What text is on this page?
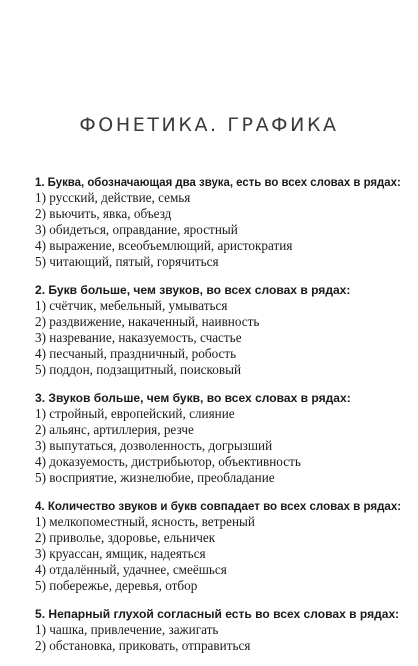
ФОНЕТИКА. ГРАФИКА
1. Буква, обозначающая два звука, есть во всех словах в рядах:
1) русский, действие, семья
2) вьючить, явка, объезд
3) обидеться, оправдание, яростный
4) выражение, всеобъемлющий, аристократия
5) читающий, пятый, горячиться
2. Букв больше, чем звуков, во всех словах в рядах:
1) счётчик, мебельный, умываться
2) раздвижение, накаченный, наивность
3) назревание, наказуемость, счастье
4) песчаный, праздничный, робость
5) поддон, подзащитный, поисковый
3. Звуков больше, чем букв, во всех словах в рядах:
1) стройный, европейский, слияние
2) альянс, артиллерия, резче
3) выпутаться, дозволенность, догрызший
4) доказуемость, дистрибьютор, объективность
5) восприятие, жизнелюбие, преобладание
4. Количество звуков и букв совпадает во всех словах в рядах:
1) мелкопоместный, ясность, ветреный
2) приволье, здоровье, ельничек
3) круассан, ямщик, надеяться
4) отдалённый, удачнее, смеёшься
5) побережье, деревья, отбор
5. Непарный глухой согласный есть во всех словах в рядах:
1) чашка, привлечение, зажигать
2) обстановка, приковать, отправиться
